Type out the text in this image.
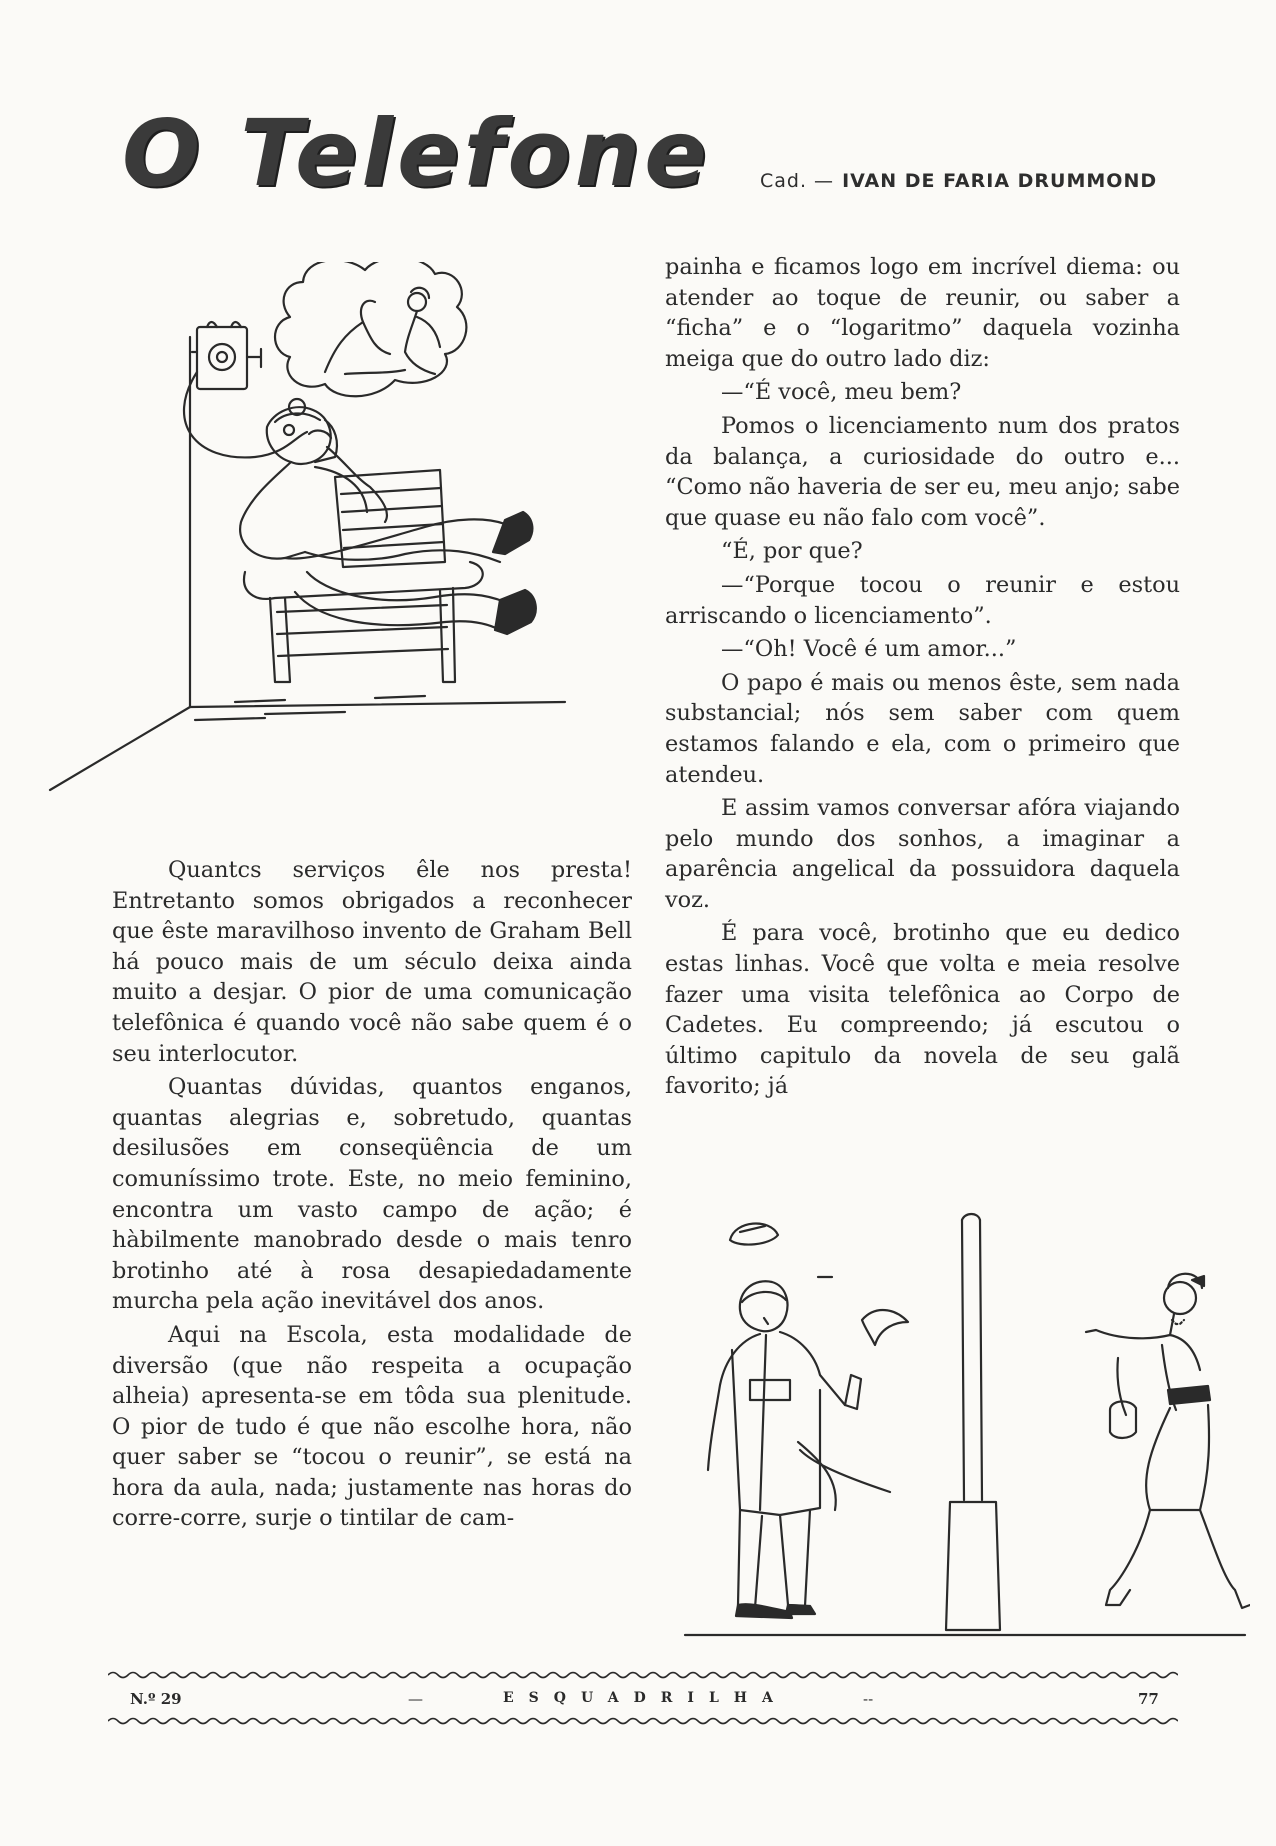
O Telefone	Cad. — IVAN DE FARIA DRUMMOND

Quantcs serviços êle nos presta! Entretanto somos obrigados a reconhecer que êste maravilhoso invento de Graham Bell há pouco mais de um século deixa ainda muito a desjar. O pior de uma comunicação telefônica é quando você não sabe quem é o seu interlocutor.

Quantas dúvidas, quantos enganos, quantas alegrias e, sobretudo, quantas desilusões em conseqüência de um comuníssimo trote. Este, no meio feminino, encontra um vasto campo de ação; é hàbilmente manobrado desde o mais tenro brotinho até à rosa desapiedadamente murcha pela ação inevitável dos anos.

Aqui na Escola, esta modalidade de diversão (que não respeita a ocupação alheia) apresenta-se em tôda sua plenitude. O pior de tudo é que não escolhe hora, não quer saber se “tocou o reunir”, se está na hora da aula, nada; justamente nas horas do corre-corre, surje o tintilar de cam-

painha e ficamos logo em incrível diema: ou atender ao toque de reunir, ou saber a “ficha” e o “logaritmo” daquela vozinha meiga que do outro lado diz:

—“É você, meu bem?

Pomos o licenciamento num dos pratos da balança, a curiosidade do outro e... “Como não haveria de ser eu, meu anjo; sabe que quase eu não falo com você”.

“É, por que?

—“Porque tocou o reunir e estou arriscando o licenciamento”.

—“Oh! Você é um amor...”

O papo é mais ou menos êste, sem nada substancial; nós sem saber com quem estamos falando e ela, com o primeiro que atendeu.

E assim vamos conversar afóra viajando pelo mundo dos sonhos, a imaginar a aparência angelical da possuidora daquela voz.

É para você, brotinho que eu dedico estas linhas. Você que volta e meia resolve fazer uma visita telefônica ao Corpo de Cadetes. Eu compreendo; já escutou o último capitulo da novela de seu galã favorito; já

N.º 29	—	ESQUADRILHA	--	77
